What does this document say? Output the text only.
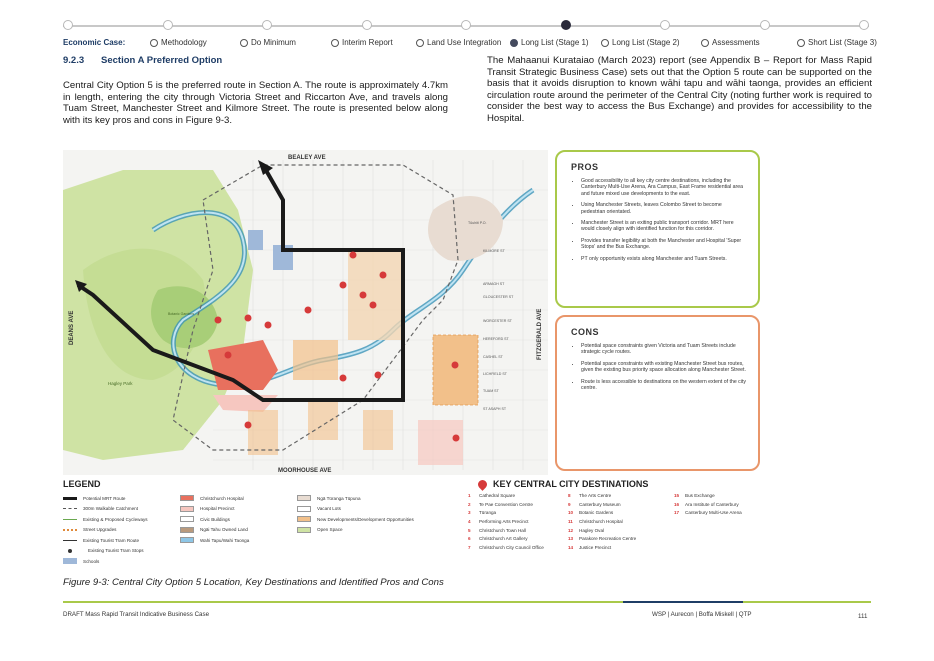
Economic Case:	Methodology	Do Minimum	Interim Report	Land Use Integration Long List (Stage 1)	Long List (Stage 2)	Assessments	Short List (Stage 3)
9.2.3 Section A Preferred Option
Central City Option 5 is the preferred route in Section A. The route is approximately 4.7km in length, entering the city through Victoria Street and Riccarton Ave, and travels along Tuam Street, Manchester Street and Kilmore Street. The route is presented below along with its key pros and cons in Figure 9-3.
The Mahaanui Kurataiao (March 2023) report (see Appendix B – Report for Mass Rapid Transit Strategic Business Case) sets out that the Option 5 route can be supported on the basis that it avoids disruption to known wāhi tapu and wāhi taonga, provides an efficient circulation route around the perimeter of the Central City (noting further work is required to consider the best way to access the Bus Exchange) and provides for accessibility to the Hospital.
BEALEY AVE
MOORHOUSE AVE
DEANS AVE	FITZGERALD AVE
KILMORE ST
ARMAGH ST
GLOUCESTER ST
WORCESTER ST
HEREFORD ST
CASHEL ST
LICHFIELD ST
TUAM ST
ST ASAPH ST
Hagley Park
Botanic Gardens
Tūuhiti P.O.
PROS
• Good accessibility to all key city centre destinations, including the Canterbury Multi-Use Arena, Ara Campus, East Frame residential area and future mixed use developments to the east.
• Using Manchester Streets, leaves Colombo Street to become pedestrian orientated.
• Manchester Street is an exiting public transport corridor. MRT here would closely align with identified function for this corridor.
• Provides transfer legibility at both the Manchester and Hospital 'Super Stops' and the Bus Exchange.
• PT only opportunity exists along Manchester and Tuam Streets.
CONS
• Potential space constraints given Victoria and Tuam Streets include strategic cycle routes.
• Potential space constraints with existing Manchester Street bus routes, given the existing bus priority space allocation along Manchester Street.
• Route is less accessible to destinations on the western extent of the city centre.
LEGEND
Potential MRT Route
300m Walkable Catchment
Existing & Proposed Cycleways
Street Upgrades
Existing Tourist Tram Route
Existing Tourist Tram Stops
Schools
Christchurch Hospital
Hospital Precinct
Civic Buildings
Ngāi Tahu Owned Land
Wahi Tapu/Wahi Taonga
Ngā Tūranga Tūpuna
Vacant Lots
New Developments/Development Opportunities
Open Space
KEY CENTRAL CITY DESTINATIONS
1 Cathedral Square
2 Te Pae Convention Centre
3 Tūranga
4 Performing Arts Precinct
5 Christchurch Town Hall
6 Christchurch Art Gallery
7 Christchurch City Council Office
8 The Arts Centre
9 Canterbury Museum
10 Botanic Gardens
11 Christchurch Hospital
12 Hagley Oval
13 Parakore Recreation Centre
14 Justice Precinct
15 Bus Exchange
16 Ara Institute of Canterbury
17 Canterbury Multi-Use Arena
Figure 9-3: Central City Option 5 Location, Key Destinations and Identified Pros and Cons
DRAFT Mass Rapid Transit Indicative Business Case	WSP | Aurecon | Boffa Miskell | QTP	111
